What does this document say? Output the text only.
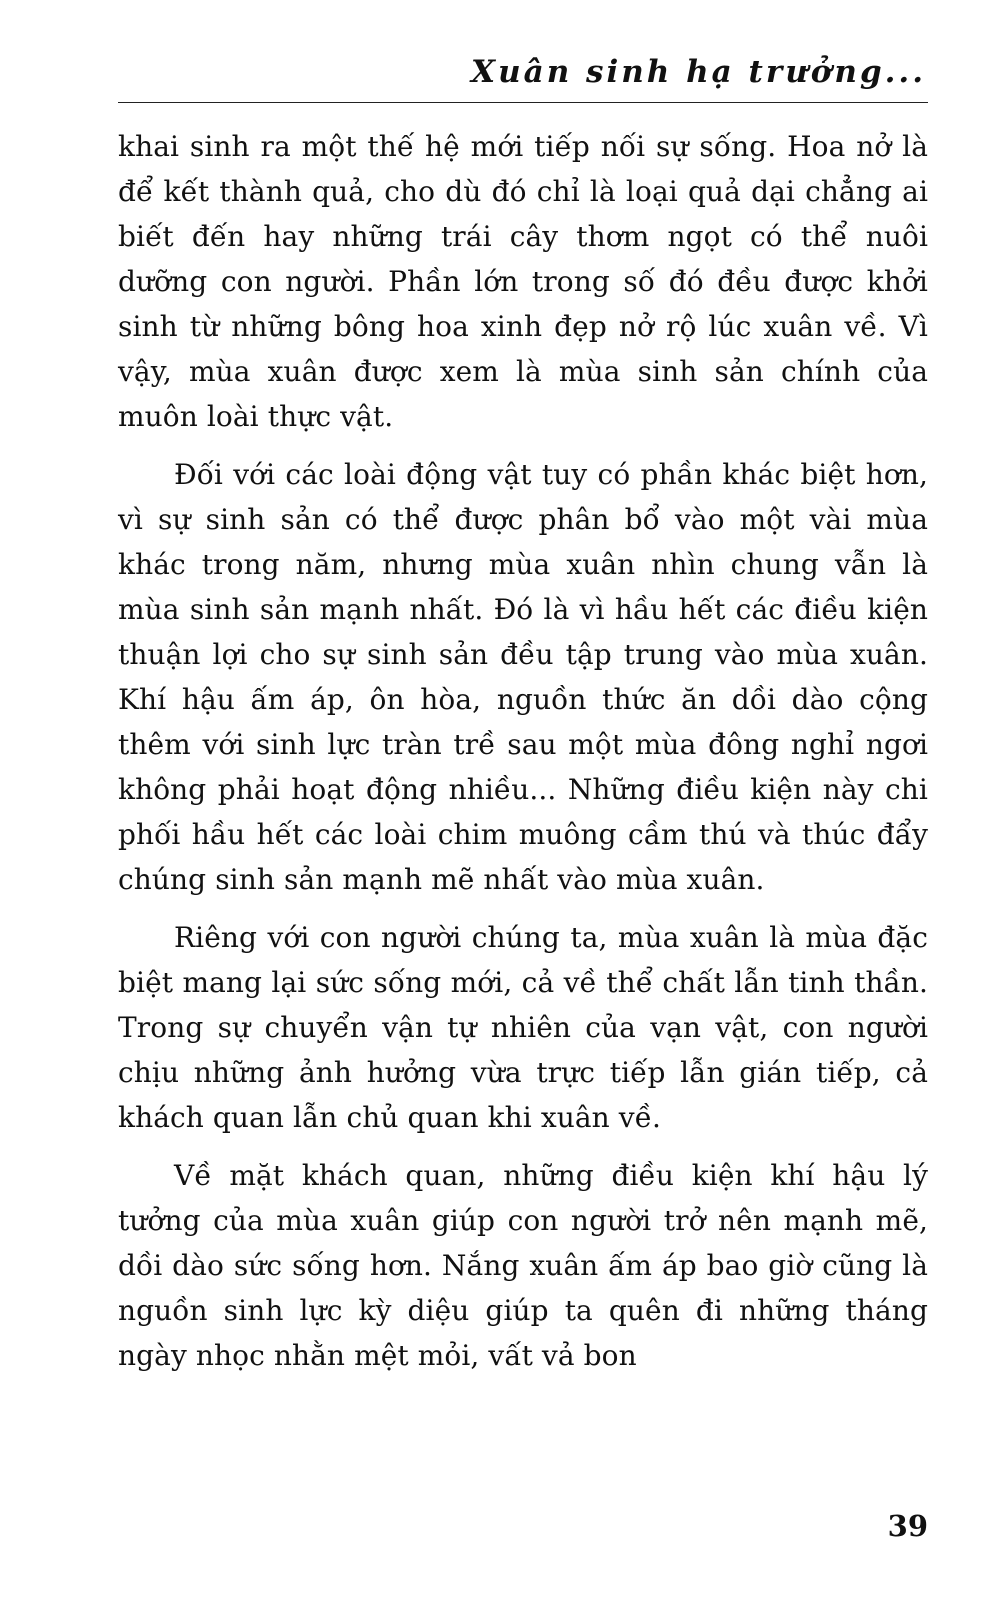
Xuân sinh hạ trưởng...

khai sinh ra một thế hệ mới tiếp nối sự sống. Hoa nở là để kết thành quả, cho dù đó chỉ là loại quả dại chẳng ai biết đến hay những trái cây thơm ngọt có thể nuôi dưỡng con người. Phần lớn trong số đó đều được khởi sinh từ những bông hoa xinh đẹp nở rộ lúc xuân về. Vì vậy, mùa xuân được xem là mùa sinh sản chính của muôn loài thực vật.

Đối với các loài động vật tuy có phần khác biệt hơn, vì sự sinh sản có thể được phân bổ vào một vài mùa khác trong năm, nhưng mùa xuân nhìn chung vẫn là mùa sinh sản mạnh nhất. Đó là vì hầu hết các điều kiện thuận lợi cho sự sinh sản đều tập trung vào mùa xuân. Khí hậu ấm áp, ôn hòa, nguồn thức ăn dồi dào cộng thêm với sinh lực tràn trề sau một mùa đông nghỉ ngơi không phải hoạt động nhiều... Những điều kiện này chi phối hầu hết các loài chim muông cầm thú và thúc đẩy chúng sinh sản mạnh mẽ nhất vào mùa xuân.

Riêng với con người chúng ta, mùa xuân là mùa đặc biệt mang lại sức sống mới, cả về thể chất lẫn tinh thần. Trong sự chuyển vận tự nhiên của vạn vật, con người chịu những ảnh hưởng vừa trực tiếp lẫn gián tiếp, cả khách quan lẫn chủ quan khi xuân về.

Về mặt khách quan, những điều kiện khí hậu lý tưởng của mùa xuân giúp con người trở nên mạnh mẽ, dồi dào sức sống hơn. Nắng xuân ấm áp bao giờ cũng là nguồn sinh lực kỳ diệu giúp ta quên đi những tháng ngày nhọc nhằn mệt mỏi, vất vả bon

39
